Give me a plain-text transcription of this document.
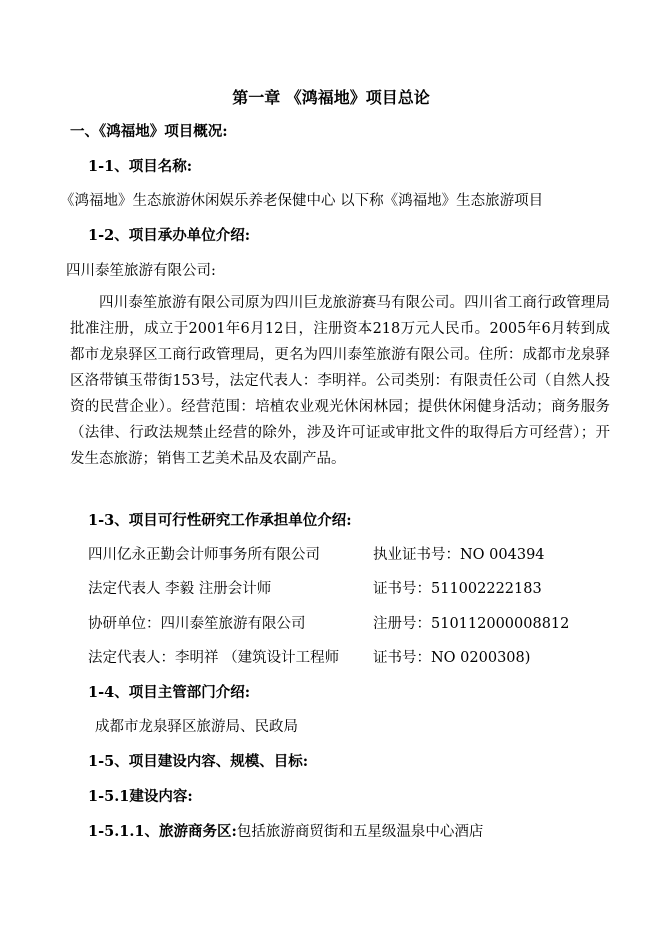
第一章 《鸿福地》项目总论
一、《鸿福地》项目概况:
1-1、项目名称:
《鸿福地》生态旅游休闲娱乐养老保健中心 以下称《鸿福地》生态旅游项目
1-2、项目承办单位介绍:
四川泰笙旅游有限公司:
四川泰笙旅游有限公司原为四川巨龙旅游赛马有限公司。四川省工商行政管理局批准注册，成立于2001年6月12日，注册资本218万元人民币。2005年6月转到成都市龙泉驿区工商行政管理局，更名为四川泰笙旅游有限公司。住所：成都市龙泉驿区洛带镇玉带街153号，法定代表人：李明祥。公司类别：有限责任公司（自然人投资的民营企业）。经营范围：培植农业观光休闲林园；提供休闲健身活动；商务服务（法律、行政法规禁止经营的除外，涉及许可证或审批文件的取得后方可经营）；开发生态旅游；销售工艺美术品及农副产品。
1-3、项目可行性研究工作承担单位介绍:
四川亿永正勤会计师事务所有限公司	执业证书号：NO 004394
法定代表人 李毅 注册会计师	证书号：511002222183
协研单位：四川泰笙旅游有限公司	注册号：510112000008812
法定代表人：李明祥 （建筑设计工程师 证书号：NO 0200308)
1-4、项目主管部门介绍:
成都市龙泉驿区旅游局、民政局
1-5、项目建设内容、规模、目标:
1-5.1建设内容:
1-5.1.1、旅游商务区:包括旅游商贸街和五星级温泉中心酒店
